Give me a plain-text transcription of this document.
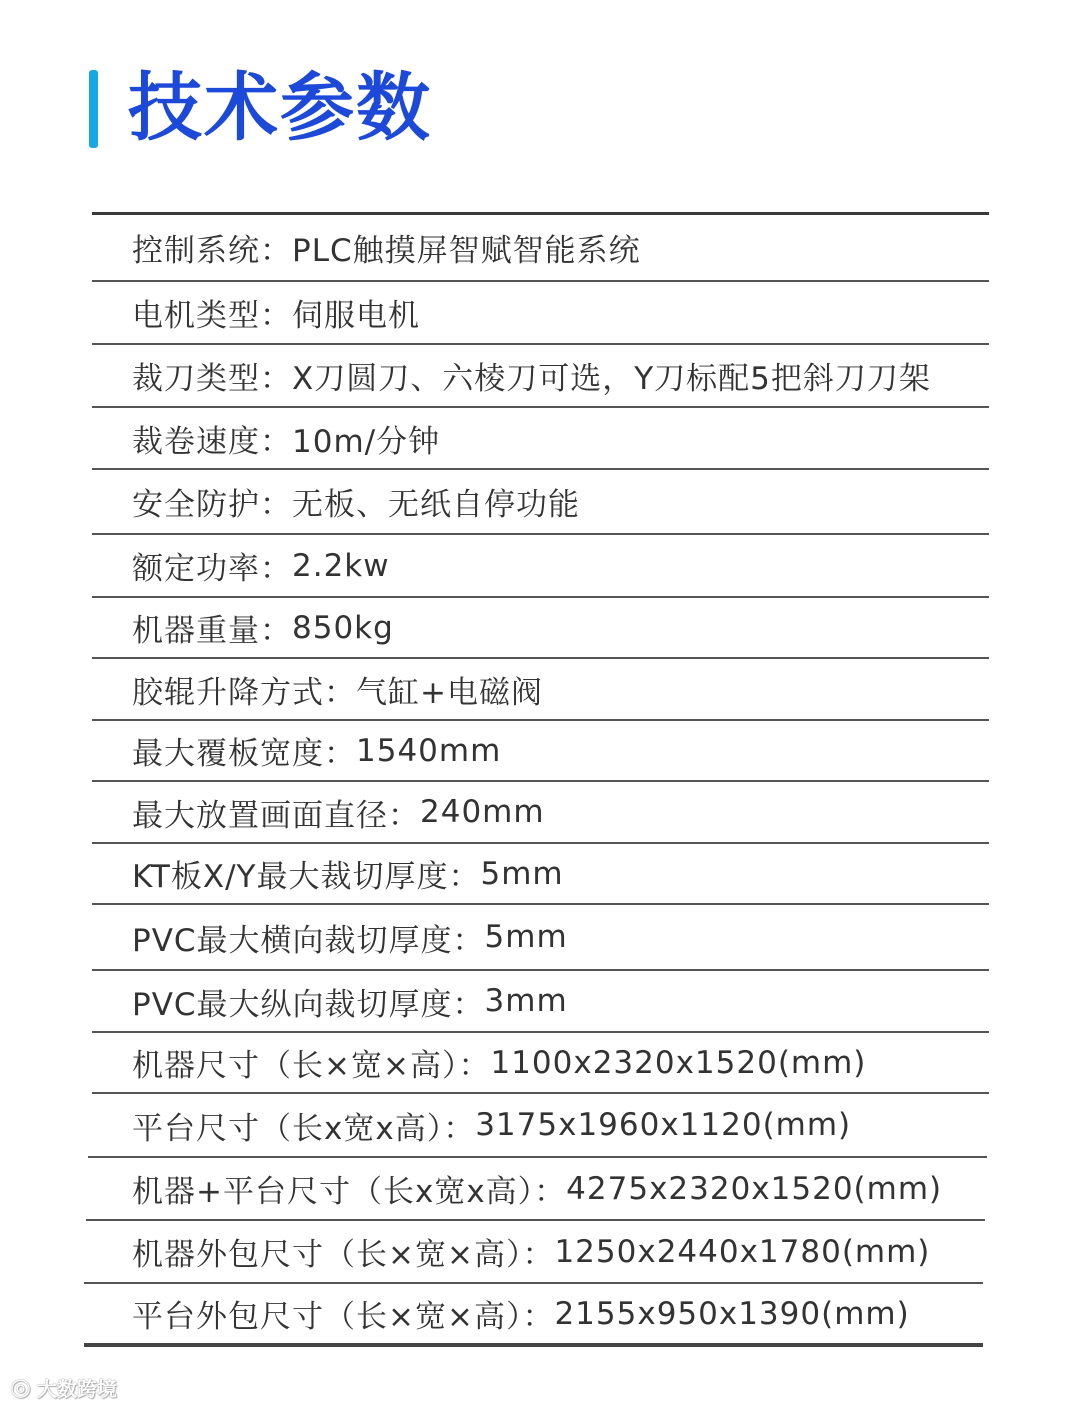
技术参数
控制系统： PLC触摸屏智赋智能系统
电机类型： 伺服电机
裁刀类型： X刀圆刀、六棱刀可选，Y刀标配5把斜刀刀架
裁卷速度： 10m/分钟
安全防护： 无板、无纸自停功能
额定功率： 2.2kw
机器重量： 850kg
胶辊升降方式： 气缸+电磁阀
最大覆板宽度： 1540mm
最大放置画面直径： 240mm
KT板X/Y最大裁切厚度： 5mm
PVC最大横向裁切厚度： 5mm
PVC最大纵向裁切厚度： 3mm
机器尺寸（长×宽×高）： 1100x2320x1520(mm)
平台尺寸（长x宽x高）： 3175x1960x1120(mm)
机器+平台尺寸（长x宽x高）： 4275x2320x1520(mm)
机器外包尺寸（长×宽×高）： 1250x2440x1780(mm)
平台外包尺寸（长×宽×高）： 2155x950x1390(mm)
◎ 大数跨境
